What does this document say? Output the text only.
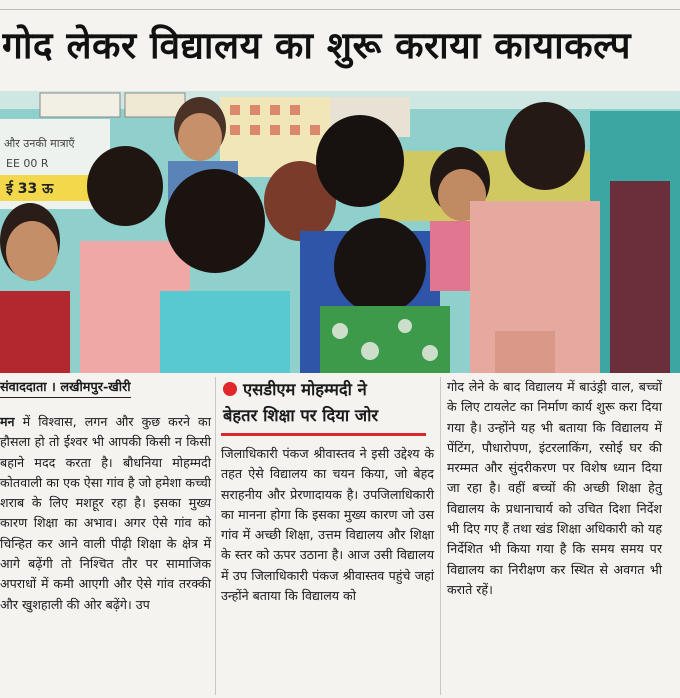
गोद लेकर विद्यालय का शुरू कराया कायाकल्प
और उनकी मात्राएँ
EE 00 R
ई 33 ऊ
संवाददाता । लखीमपुर-खीरी

मन में विश्वास, लगन और कुछ करने का हौसला हो तो ईश्वर भी आपकी किसी न किसी बहाने मदद करता है। बौधनिया मोहम्मदी कोतवाली का एक ऐसा गांव है जो हमेशा कच्ची शराब के लिए मशहूर रहा है। इसका मुख्य कारण शिक्षा का अभाव। अगर ऐसे गांव को चिन्हित कर आने वाली पीढ़ी शिक्षा के क्षेत्र में आगे बढ़ेंगी तो निश्चित तौर पर सामाजिक अपराधों में कमी आएगी और ऐसे गांव तरक्की और खुशहाली की ओर बढ़ेंगे। उप

एसडीएम मोहम्मदी ने
बेहतर शिक्षा पर दिया जोर

जिलाधिकारी पंकज श्रीवास्तव ने इसी उद्देश्य के तहत ऐसे विद्यालय का चयन किया, जो बेहद सराहनीय और प्रेरणादायक है। उपजिलाधिकारी का मानना होगा कि इसका मुख्य कारण जो उस गांव में अच्छी शिक्षा, उत्तम विद्यालय और शिक्षा के स्तर को ऊपर उठाना है। आज उसी विद्यालय में उप जिलाधिकारी पंकज श्रीवास्तव पहुंचे जहां उन्होंने बताया कि विद्यालय को

गोद लेने के बाद विद्यालय में बाउंड्री वाल, बच्चों के लिए टायलेट का निर्माण कार्य शुरू करा दिया गया है। उन्होंने यह भी बताया कि विद्यालय में पेंटिंग, पौधारोपण, इंटरलाकिंग, रसोई घर की मरम्मत और सुंदरीकरण पर विशेष ध्यान दिया जा रहा है। वहीं बच्चों की अच्छी शिक्षा हेतु विद्यालय के प्रधानाचार्य को उचित दिशा निर्देश भी दिए गए हैं तथा खंड शिक्षा अधिकारी को यह निर्देशित भी किया गया है कि समय समय पर विद्यालय का निरीक्षण कर स्थित से अवगत भी कराते रहें।
